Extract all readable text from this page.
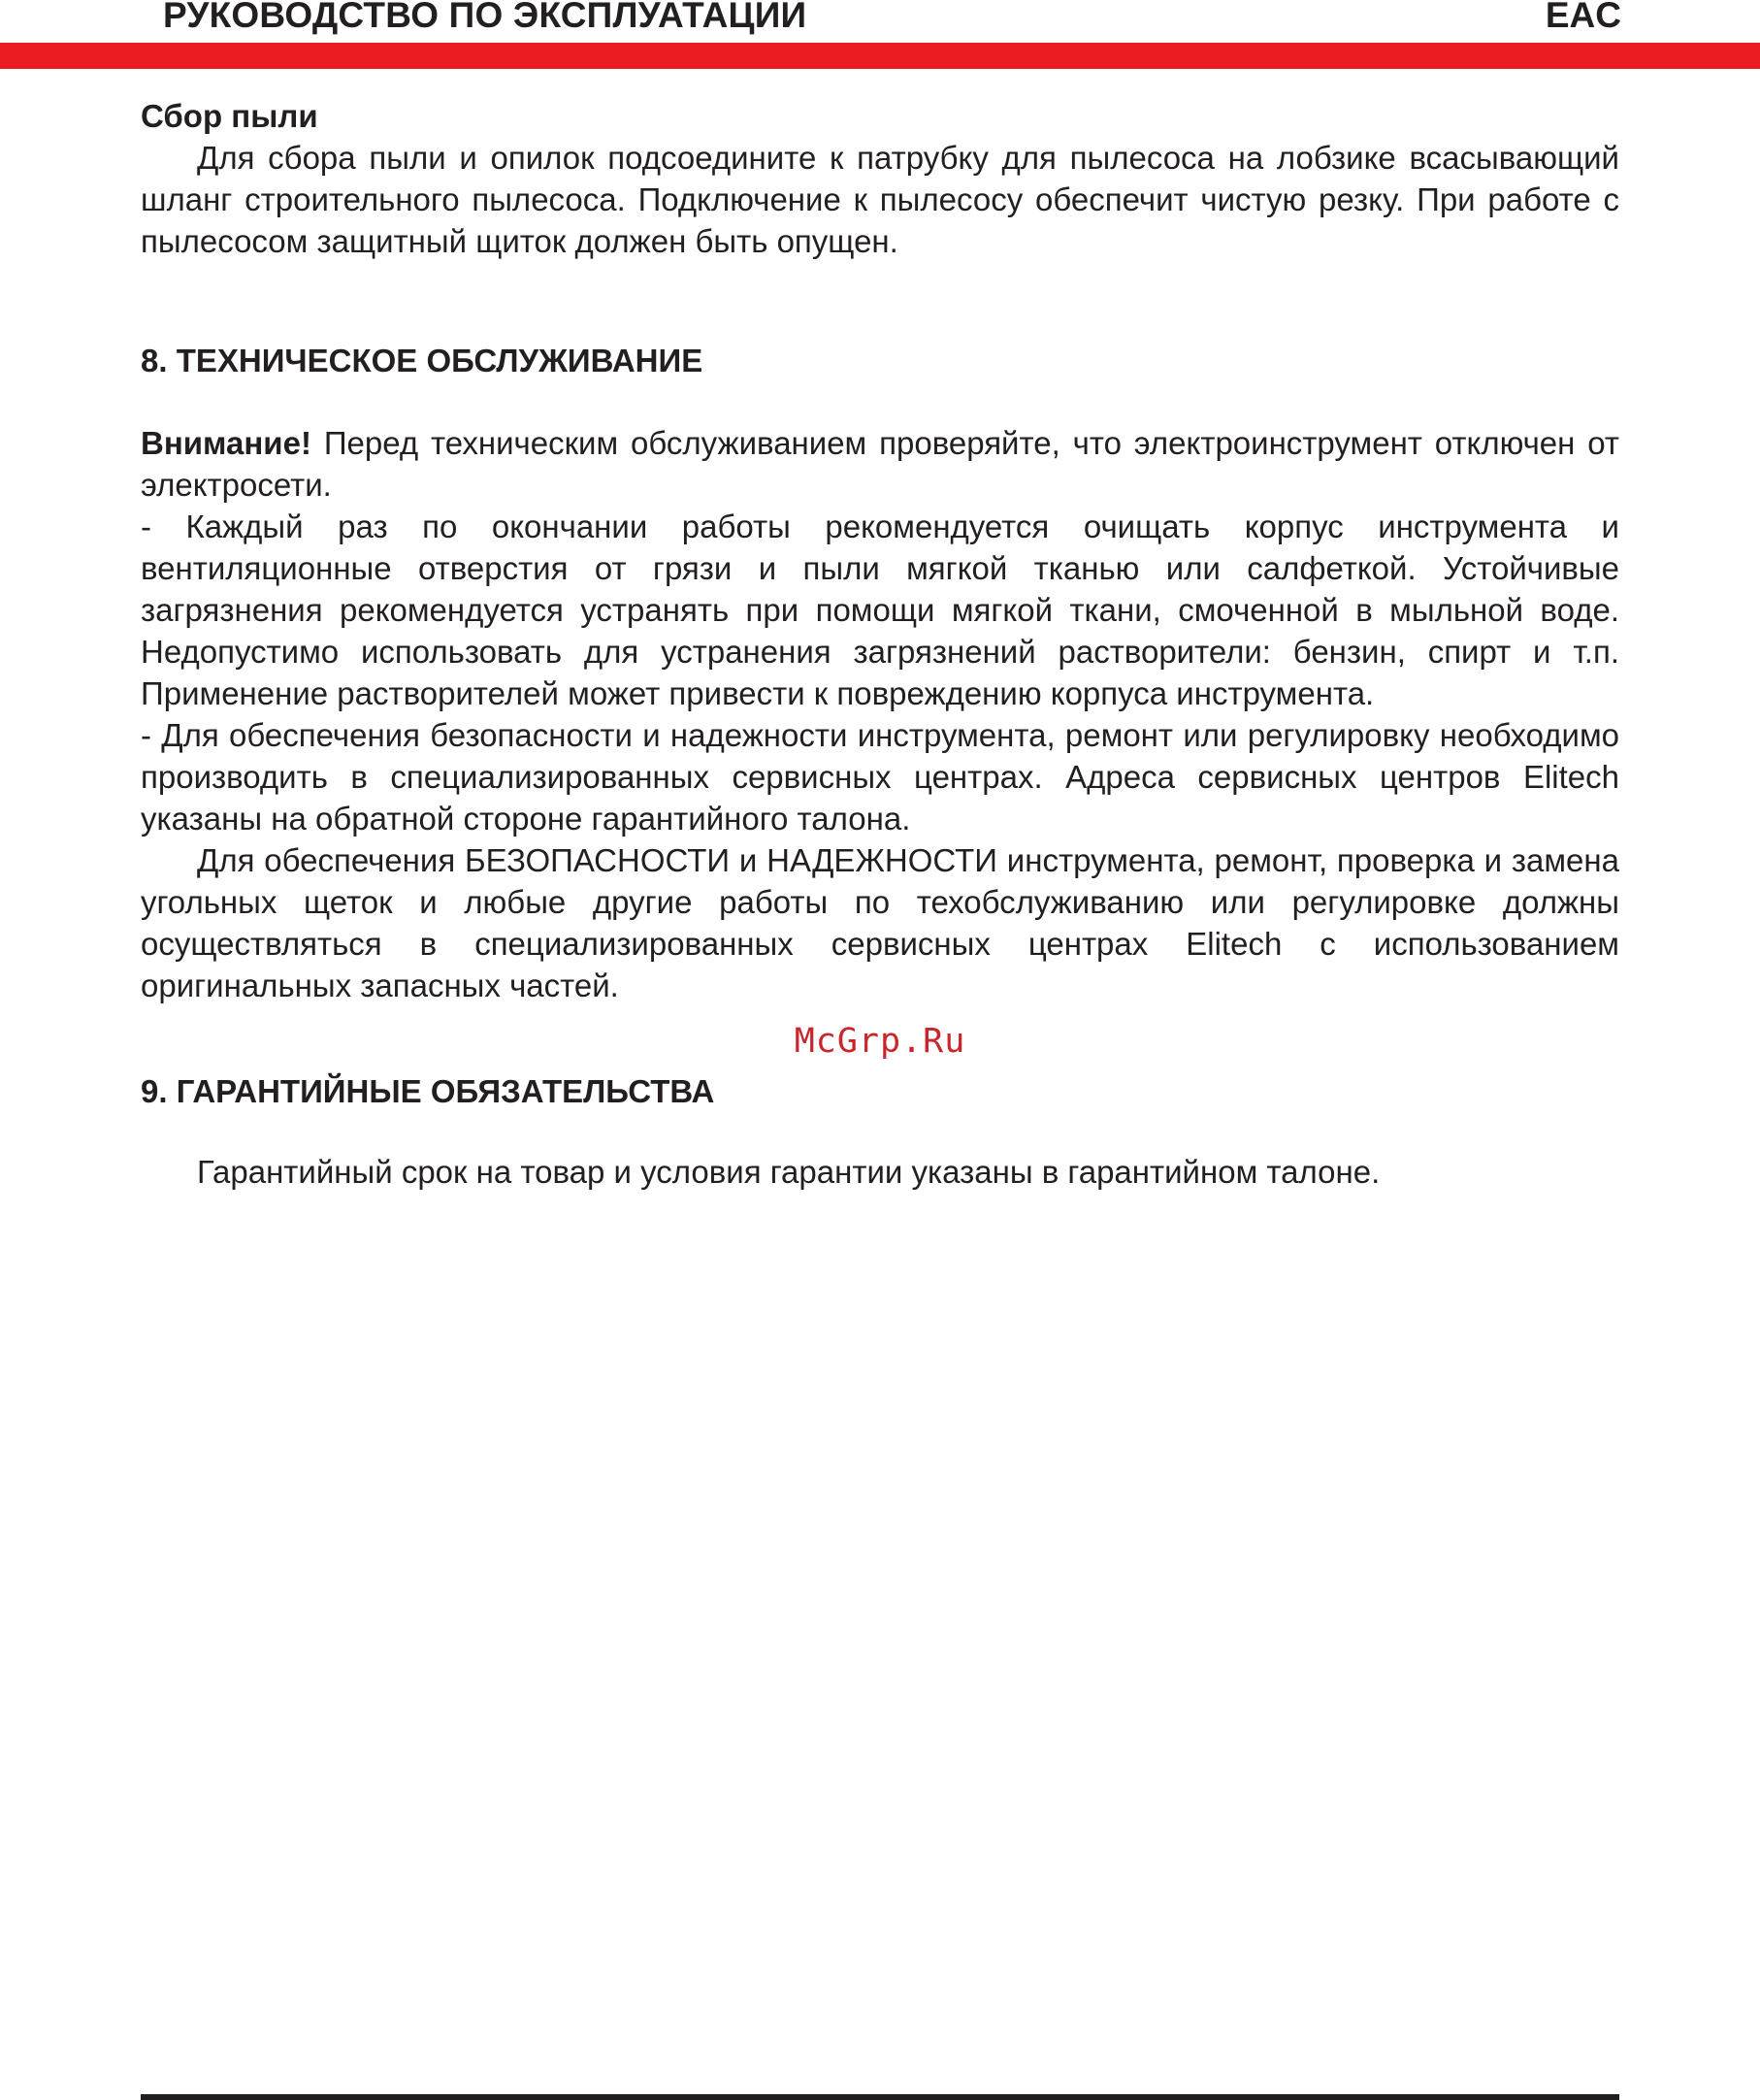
РУКОВОДСТВО ПО ЭКСПЛУАТАЦИИ	EAC

Сбор пыли

Для сбора пыли и опилок подсоедините к патрубку для пылесоса на лобзике всасывающий шланг строительного пылесоса. Подключение к пылесосу обеспечит чистую резку. При работе с пылесосом защитный щиток должен быть опущен.

8. ТЕХНИЧЕСКОЕ ОБСЛУЖИВАНИЕ

Внимание! Перед техническим обслуживанием проверяйте, что электроинструмент отключен от электросети.

- Каждый раз по окончании работы рекомендуется очищать корпус инструмента и вентиляционные отверстия от грязи и пыли мягкой тканью или салфеткой. Устойчивые загрязнения рекомендуется устранять при помощи мягкой ткани, смоченной в мыльной воде. Недопустимо использовать для устранения загрязнений растворители: бензин, спирт и т.п. Применение растворителей может привести к повреждению корпуса инструмента.

- Для обеспечения безопасности и надежности инструмента, ремонт или регулировку необходимо производить в специализированных сервисных центрах. Адреса сервисных центров Elitech указаны на обратной стороне гарантийного талона.

Для обеспечения БЕЗОПАСНОСТИ и НАДЕЖНОСТИ инструмента, ремонт, проверка и замена угольных щеток и любые другие работы по техобслуживанию или регулировке должны осуществляться в специализированных сервисных центрах Elitech с использованием оригинальных запасных частей.

McGrp.Ru

9. ГАРАНТИЙНЫЕ ОБЯЗАТЕЛЬСТВА

Гарантийный срок на товар и условия гарантии указаны в гарантийном талоне.
